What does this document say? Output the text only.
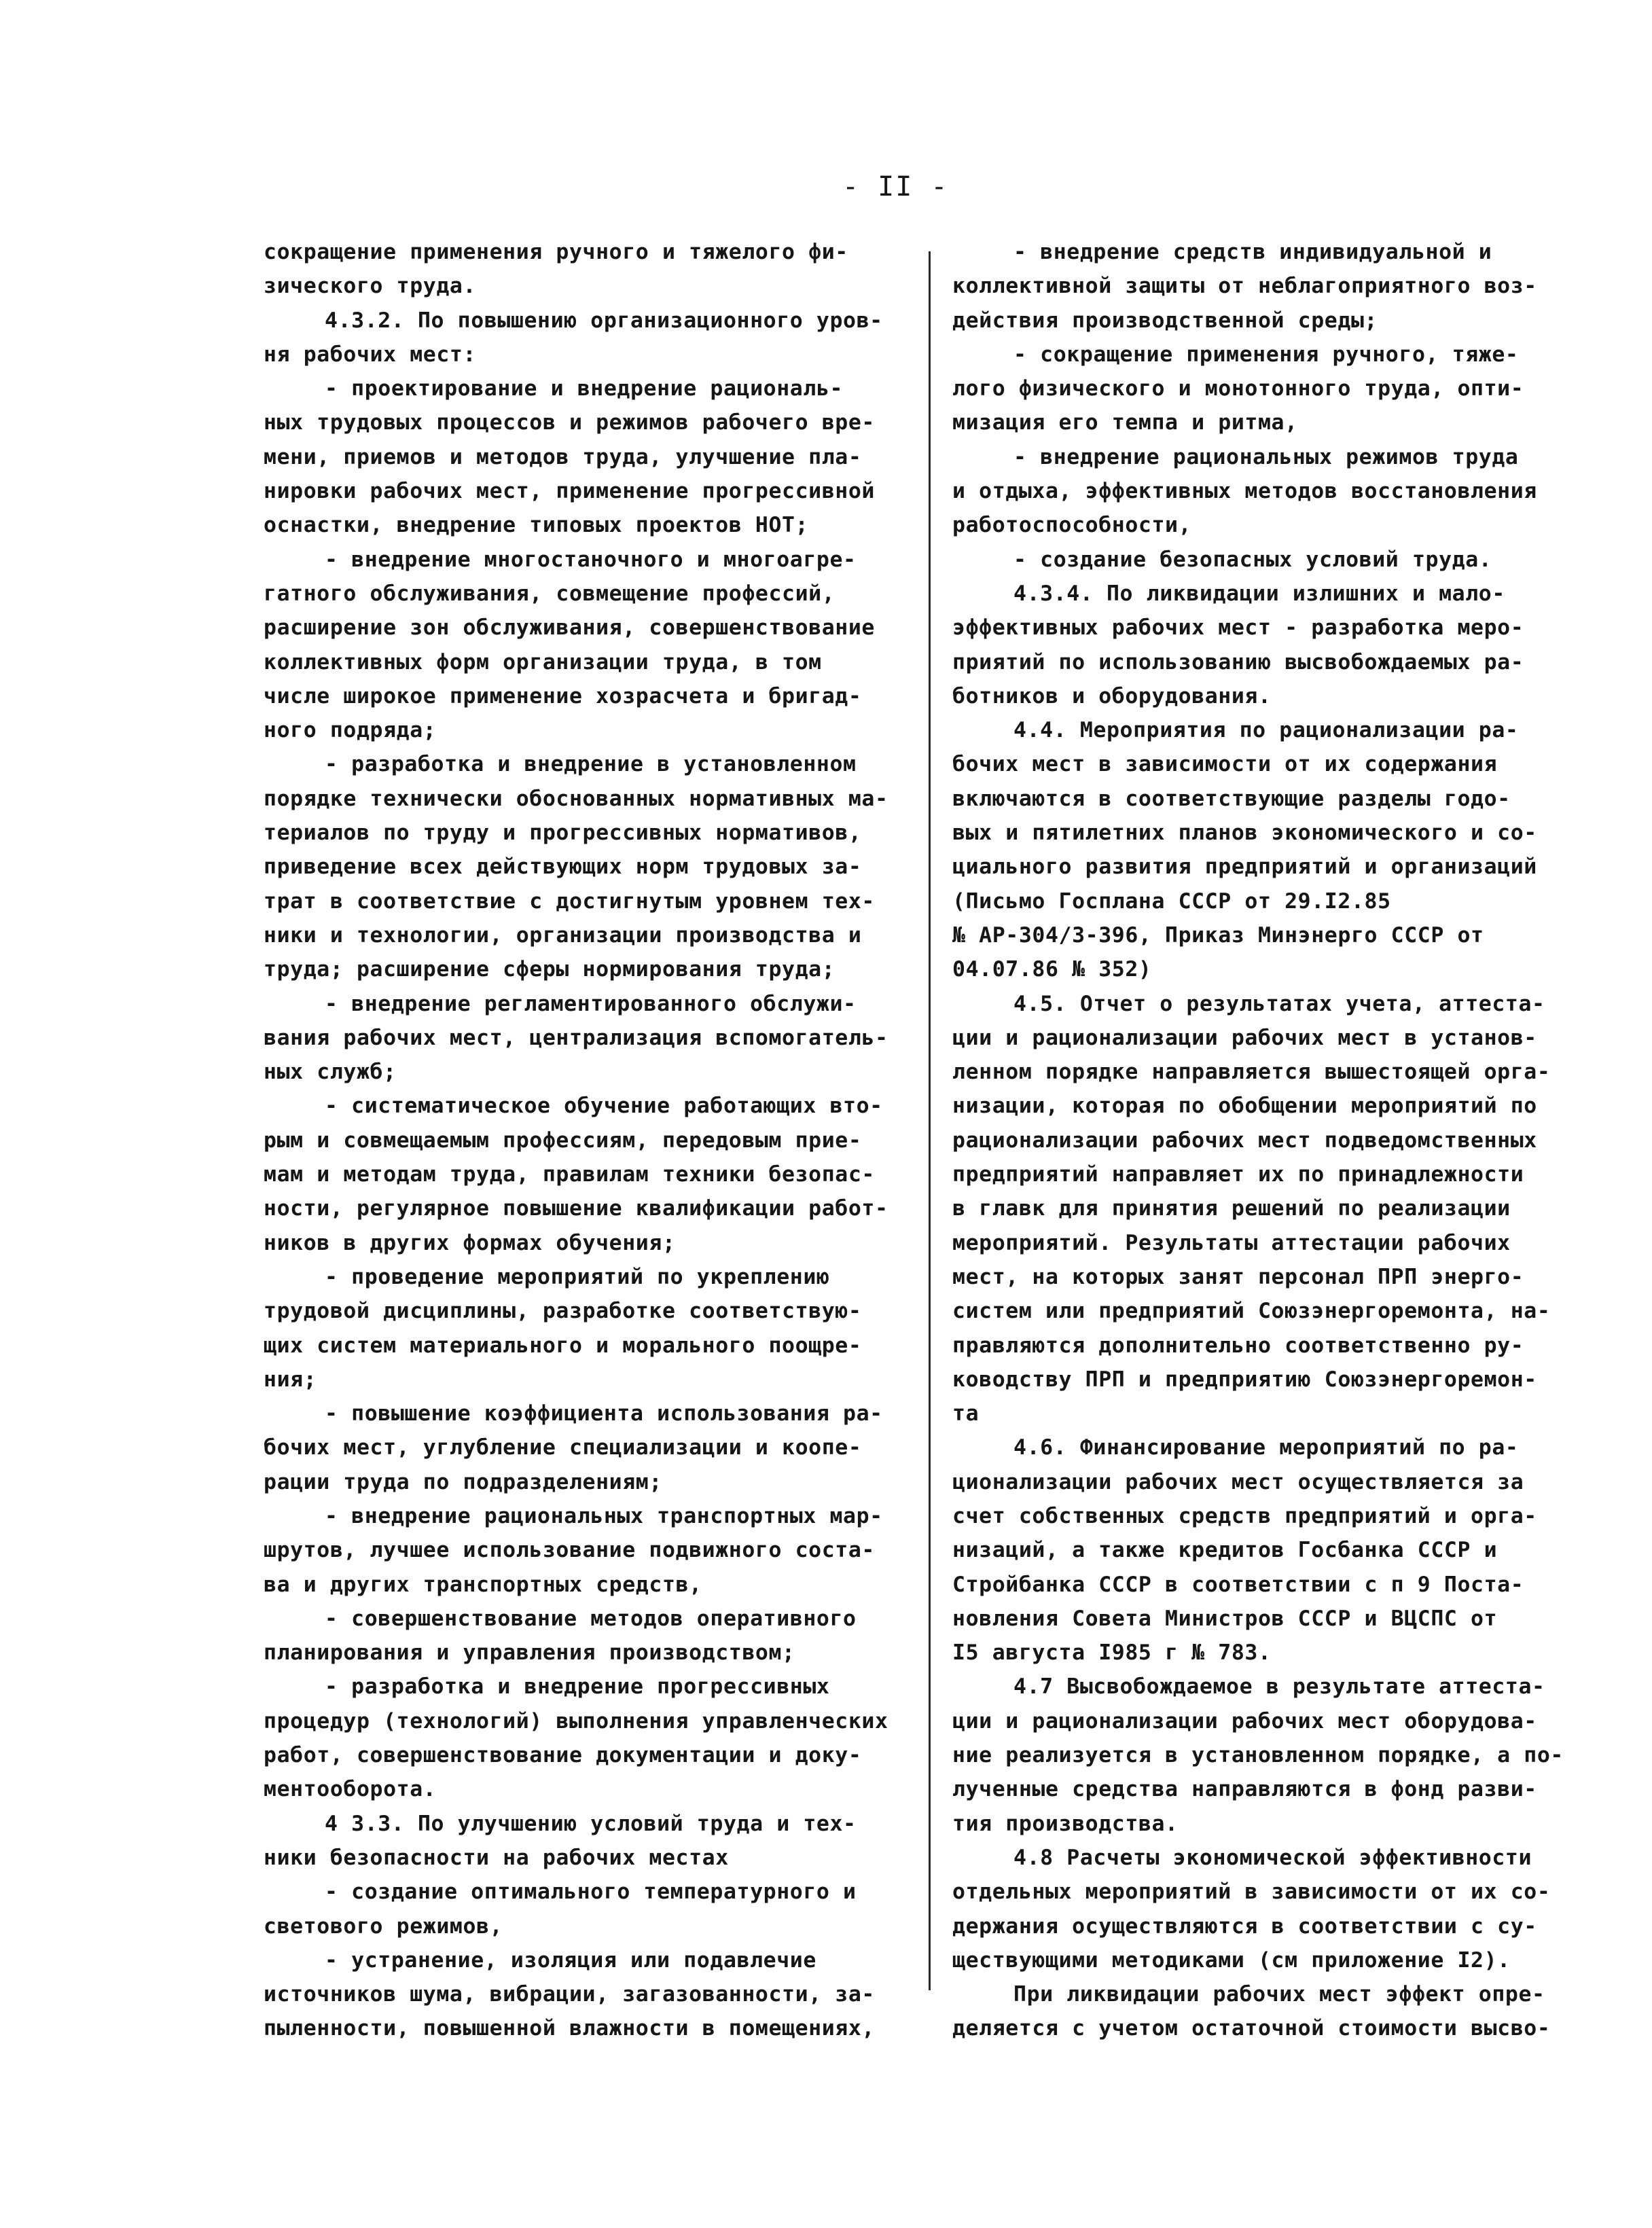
- II -
сокращение применения ручного и тяжелого фи-
зического труда.
4.3.2. По повышению организационного уров-
ня рабочих мест:
- проектирование и внедрение рациональ-
ных трудовых процессов и режимов рабочего вре-
мени, приемов и методов труда, улучшение пла-
нировки рабочих мест, применение прогрессивной
оснастки, внедрение типовых проектов НОТ;
- внедрение многостаночного и многоагре-
гатного обслуживания, совмещение профессий,
расширение зон обслуживания, совершенствование
коллективных форм организации труда, в том
числе широкое применение хозрасчета и бригад-
ного подряда;
- разработка и внедрение в установленном
порядке технически обоснованных нормативных ма-
териалов по труду и прогрессивных нормативов,
приведение всех действующих норм трудовых за-
трат в соответствие с достигнутым уровнем тех-
ники и технологии, организации производства и
труда; расширение сферы нормирования труда;
- внедрение регламентированного обслужи-
вания рабочих мест, централизация вспомогатель-
ных служб;
- систематическое обучение работающих вто-
рым и совмещаемым профессиям, передовым прие-
мам и методам труда, правилам техники безопас-
ности, регулярное повышение квалификации работ-
ников в других формах обучения;
- проведение мероприятий по укреплению
трудовой дисциплины, разработке соответствую-
щих систем материального и морального поощре-
ния;
- повышение коэффициента использования ра-
бочих мест, углубление специализации и коопе-
рации труда по подразделениям;
- внедрение рациональных транспортных мар-
шрутов, лучшее использование подвижного соста-
ва и других транспортных средств,
- совершенствование методов оперативного
планирования и управления производством;
- разработка и внедрение прогрессивных
процедур (технологий) выполнения управленческих
работ, совершенствование документации и доку-
ментооборота.
4 3.3. По улучшению условий труда и тех-
ники безопасности на рабочих местах
- создание оптимального температурного и
светового режимов,
- устранение, изоляция или подавлечие
источников шума, вибрации, загазованности, за-
пыленности, повышенной влажности в помещениях,
- внедрение средств индивидуальной и
коллективной защиты от неблагоприятного воз-
действия производственной среды;
- сокращение применения ручного, тяже-
лого физического и монотонного труда, опти-
мизация его темпа и ритма,
- внедрение рациональных режимов труда
и отдыха, эффективных методов восстановления
работоспособности,
- создание безопасных условий труда.
4.3.4. По ликвидации излишних и мало-
эффективных рабочих мест - разработка меро-
приятий по использованию высвобождаемых ра-
ботников и оборудования.
4.4. Мероприятия по рационализации ра-
бочих мест в зависимости от их содержания
включаются в соответствующие разделы годо-
вых и пятилетних планов экономического и со-
циального развития предприятий и организаций
(Письмо Госплана СССР от 29.I2.85
№ АР-304/3-396, Приказ Минэнерго СССР от
04.07.86 № 352)
4.5. Отчет о результатах учета, аттеста-
ции и рационализации рабочих мест в установ-
ленном порядке направляется вышестоящей орга-
низации, которая по обобщении мероприятий по
рационализации рабочих мест подведомственных
предприятий направляет их по принадлежности
в главк для принятия решений по реализации
мероприятий. Результаты аттестации рабочих
мест, на которых занят персонал ПРП энерго-
систем или предприятий Союзэнергоремонта, на-
правляются дополнительно соответственно ру-
ководству ПРП и предприятию Союзэнергоремон-
та
4.6. Финансирование мероприятий по ра-
ционализации рабочих мест осуществляется за
счет собственных средств предприятий и орга-
низаций, а также кредитов Госбанка СССР и
Стройбанка СССР в соответствии с п 9 Поста-
новления Совета Министров СССР и ВЦСПС от
I5 августа I985 г № 783.
4.7 Высвобождаемое в результате аттеста-
ции и рационализации рабочих мест оборудова-
ние реализуется в установленном порядке, а по-
лученные средства направляются в фонд разви-
тия производства.
4.8 Расчеты экономической эффективности
отдельных мероприятий в зависимости от их со-
держания осуществляются в соответствии с су-
ществующими методиками (см приложение I2).
При ликвидации рабочих мест эффект опре-
деляется с учетом остаточной стоимости высво-
